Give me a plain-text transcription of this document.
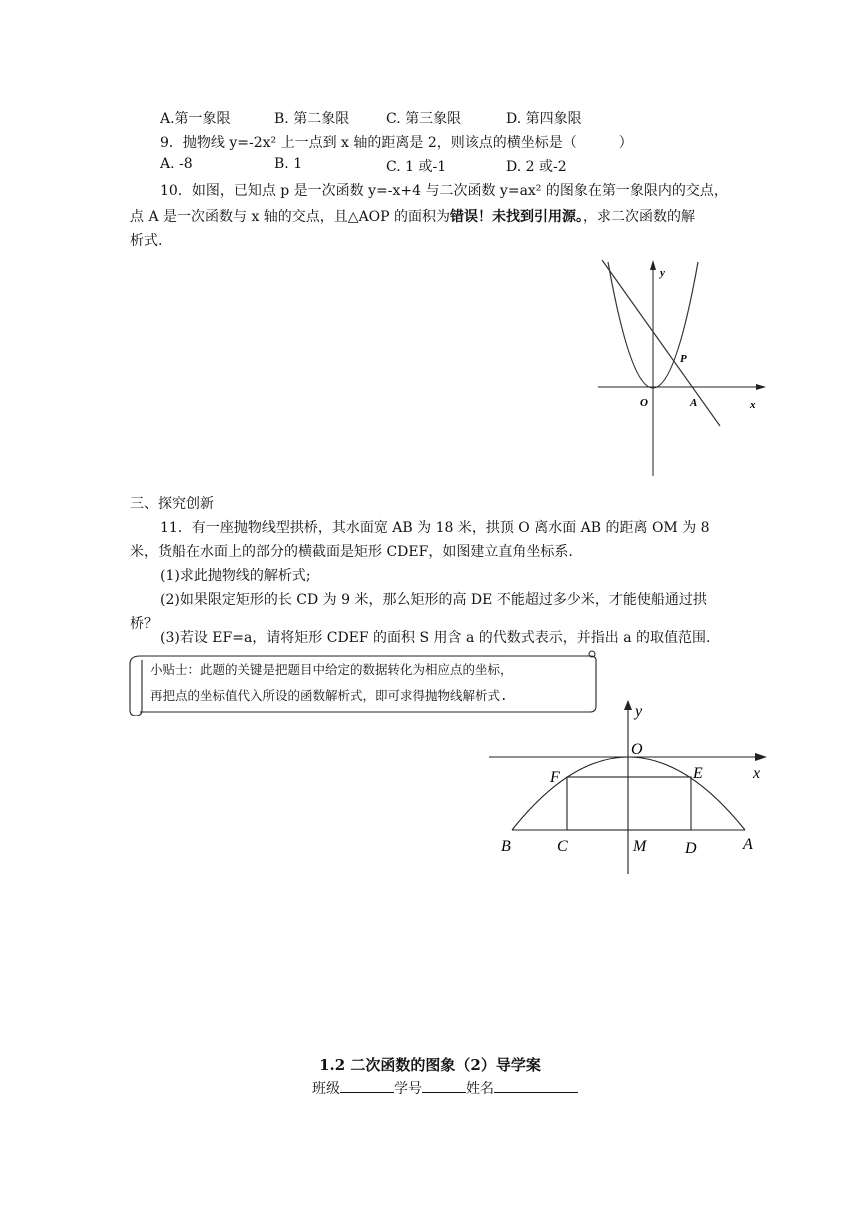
A.第一象限	B. 第二象限	C. 第三象限	D. 第四象限
9．抛物线 y=-2x² 上一点到 x 轴的距离是 2，则该点的横坐标是（　　　）
A. -8	B. 1	C. 1 或-1	D. 2 或-2
10．如图，已知点 p 是一次函数 y=-x+4 与二次函数 y=ax² 的图象在第一象限内的交点，
点 A 是一次函数与 x 轴的交点，且△AOP 的面积为错误！未找到引用源。，求二次函数的解
析式.
y
x
O	A
P
三、探究创新
11．有一座抛物线型拱桥，其水面宽 AB 为 18 米，拱顶 O 离水面 AB 的距离 OM 为 8
米，货船在水面上的部分的横截面是矩形 CDEF，如图建立直角坐标系.
(1)求此抛物线的解析式;
(2)如果限定矩形的长 CD 为 9 米，那么矩形的高 DE 不能超过多少米，才能使船通过拱
桥？
(3)若设 EF=a，请将矩形 CDEF 的面积 S 用含 a 的代数式表示，并指出 a 的取值范围.
小贴士：此题的关键是把题目中给定的数据转化为相应点的坐标，
再把点的坐标值代入所设的函数解析式，即可求得抛物线解析式.
y
x
O
E
F
B	C	M D	A
1.2 二次函数的图象（2）导学案
班级	学号	姓名
